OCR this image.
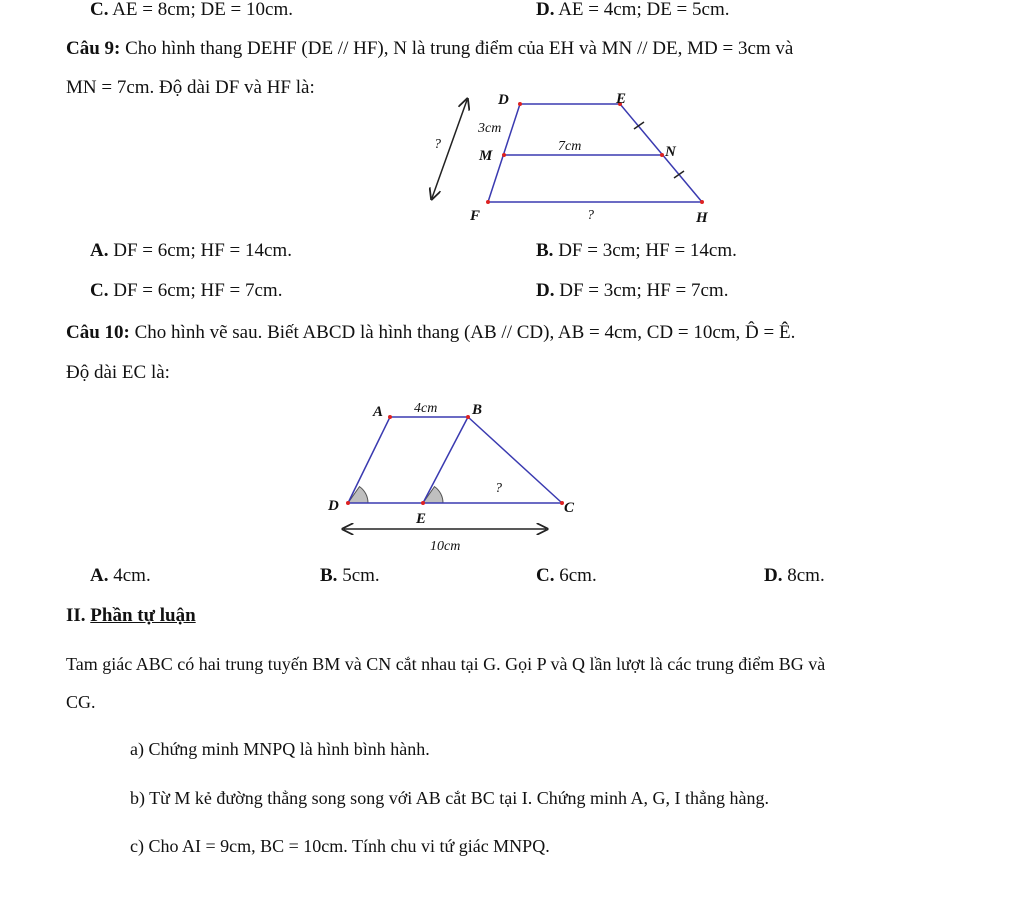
C. AE = 8cm; DE = 10cm.	D. AE = 4cm; DE = 5cm.
Câu 9: Cho hình thang DEHF (DE // HF), N là trung điểm của EH và MN // DE, MD = 3cm và
MN = 7cm. Độ dài DF và HF là:
D	E
M	N
F	H
3cm
7cm
?
?
A. DF = 6cm; HF = 14cm.	B. DF = 3cm; HF = 14cm.
C. DF = 6cm; HF = 7cm.	D. DF = 3cm; HF = 7cm.
Câu 10: Cho hình vẽ sau. Biết ABCD là hình thang (AB // CD), AB = 4cm, CD = 10cm, D̂ = Ê.
Độ dài EC là:
A	B
D
E
C
4cm
10cm
?
A. 4cm.	B. 5cm.	C. 6cm.	D. 8cm.
II. Phần tự luận
Tam giác ABC có hai trung tuyến BM và CN cắt nhau tại G. Gọi P và Q lần lượt là các trung điểm BG và
CG.
a) Chứng minh MNPQ là hình bình hành.
b) Từ M kẻ đường thẳng song song với AB cắt BC tại I. Chứng minh A, G, I thẳng hàng.
c) Cho AI = 9cm, BC = 10cm. Tính chu vi tứ giác MNPQ.
